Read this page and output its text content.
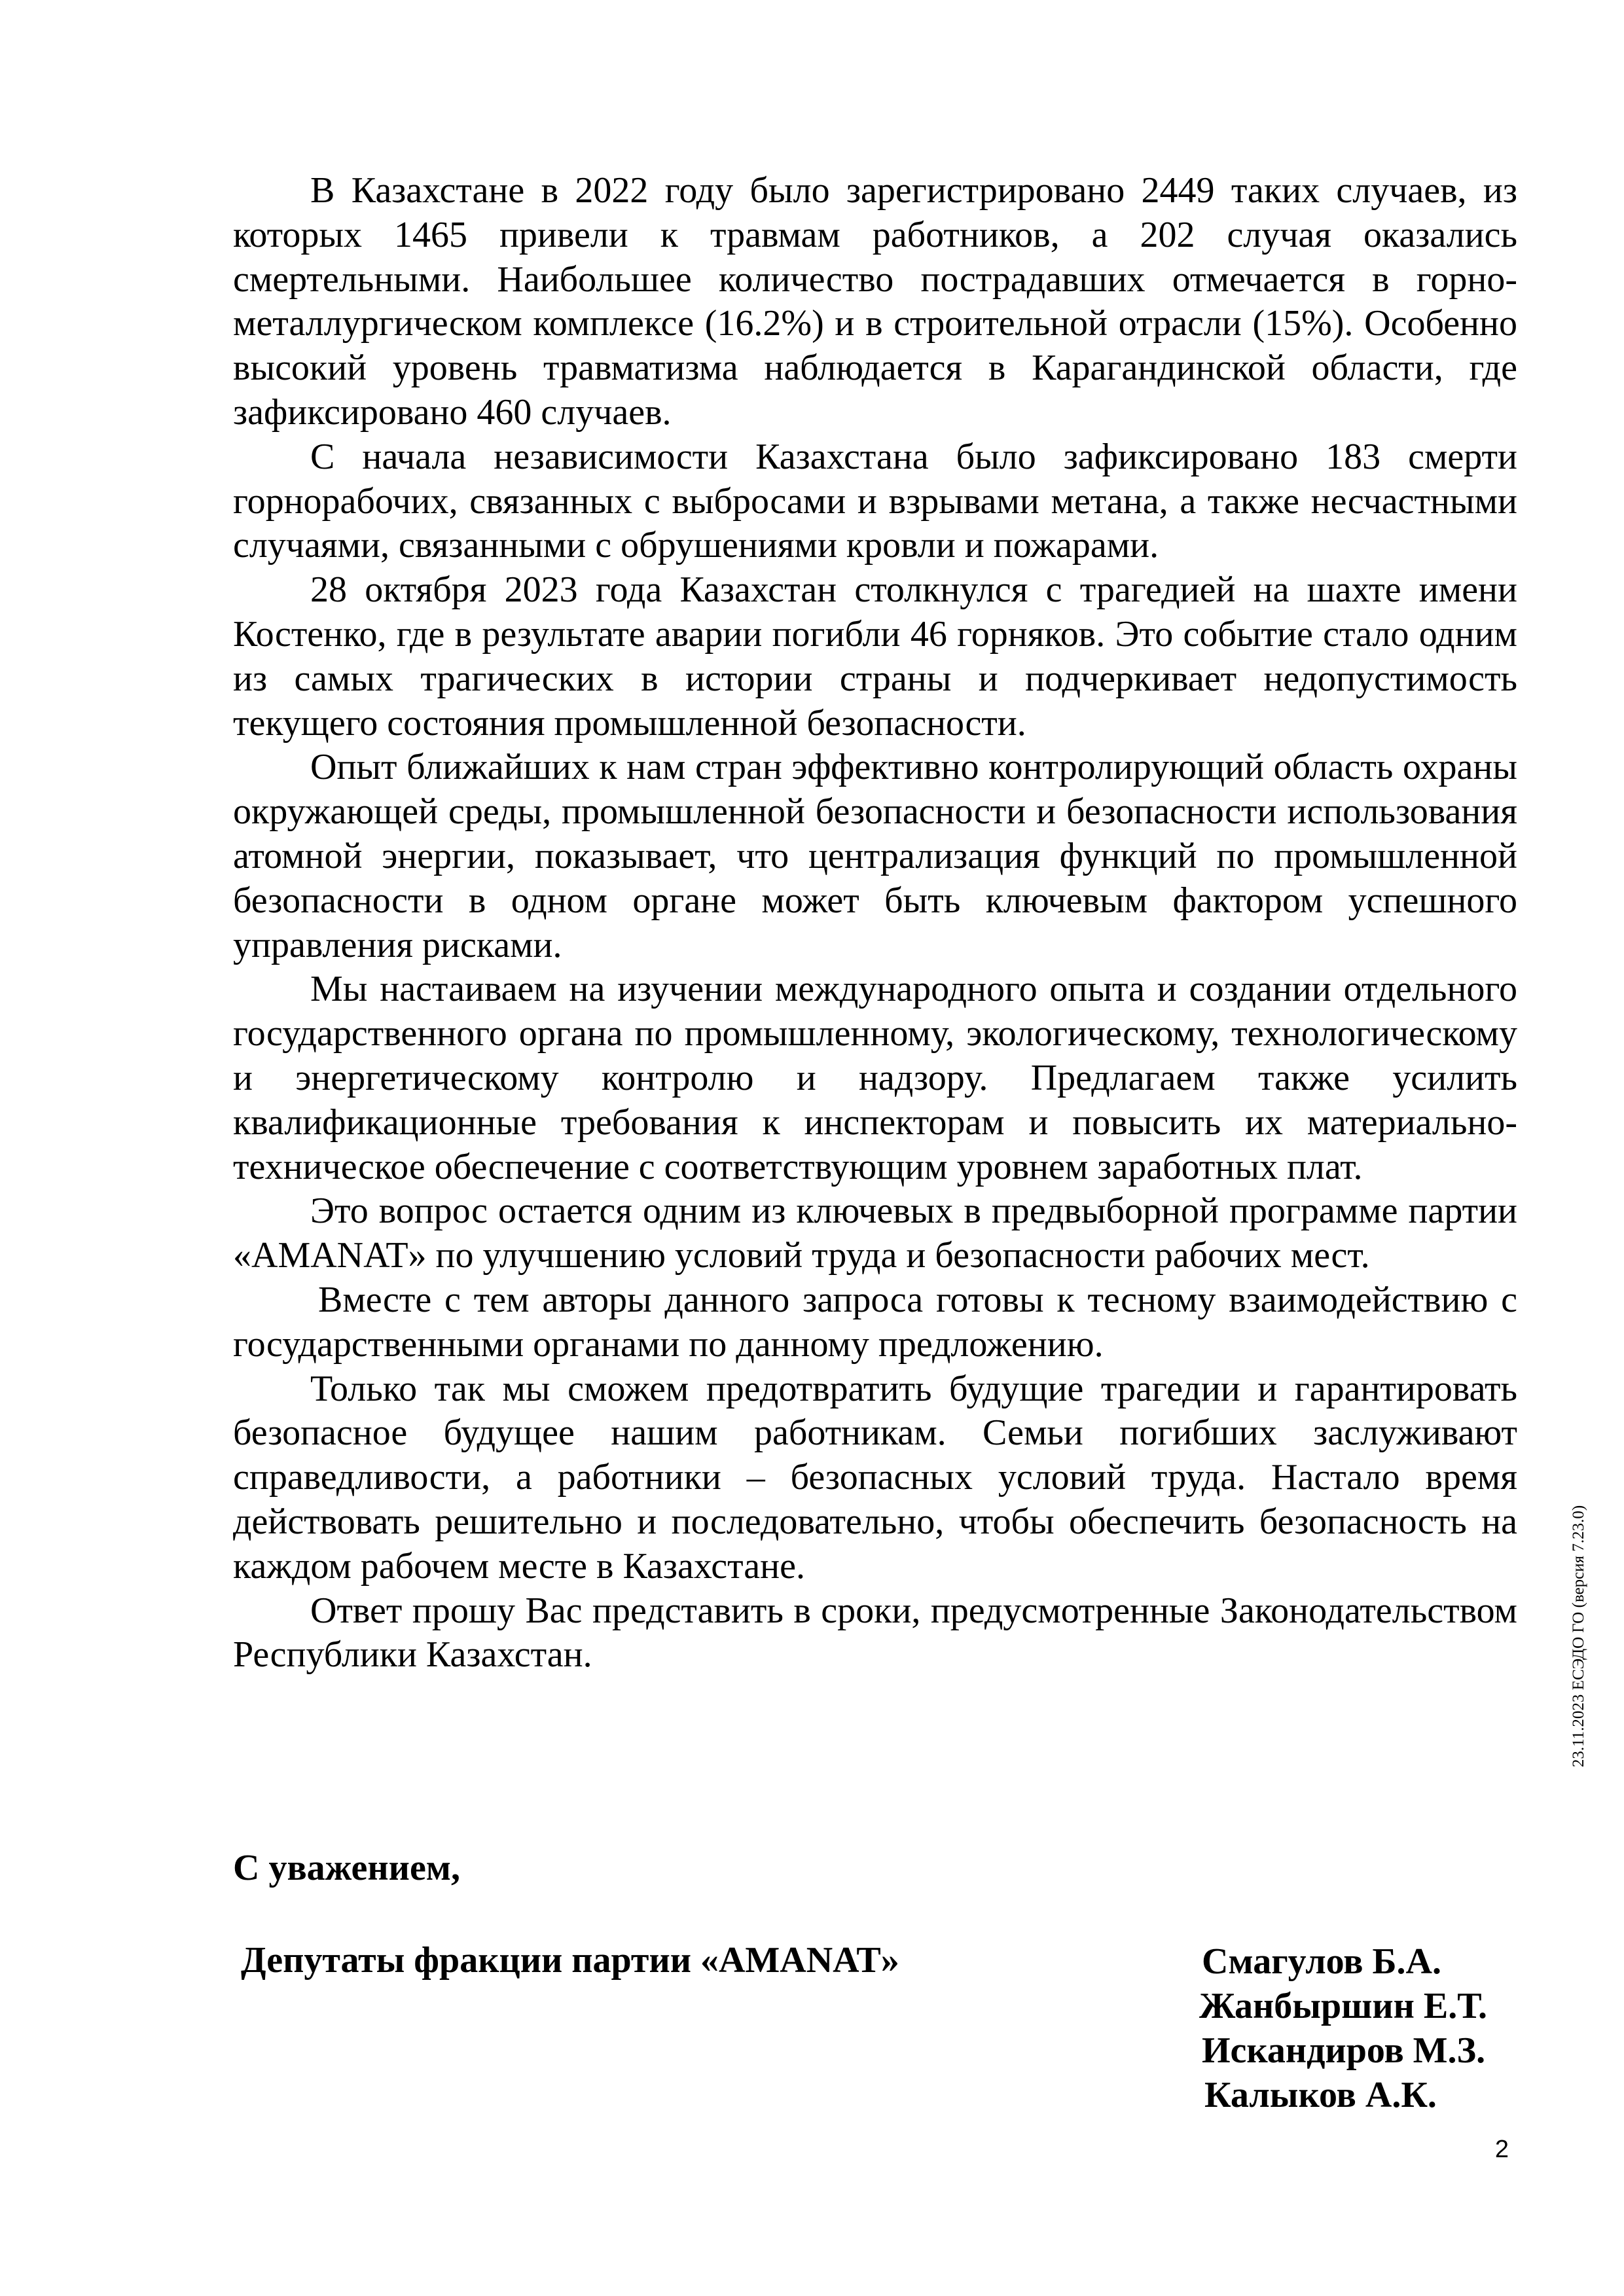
В Казахстане в 2022 году было зарегистрировано 2449 таких случаев, из которых 1465 привели к травмам работников, а 202 случая оказались смертельными. Наибольшее количество пострадавших отмечается в горно-металлургическом комплексе (16.2%) и в строительной отрасли (15%). Особенно высокий уровень травматизма наблюдается в Карагандинской области, где зафиксировано 460 случаев.

С начала независимости Казахстана было зафиксировано 183 смерти горнорабочих, связанных с выбросами и взрывами метана, а также несчастными случаями, связанными с обрушениями кровли и пожарами.

28 октября 2023 года Казахстан столкнулся с трагедией на шахте имени Костенко, где в результате аварии погибли 46 горняков. Это событие стало одним из самых трагических в истории страны и подчеркивает недопустимость текущего состояния промышленной безопасности.

Опыт ближайших к нам стран эффективно контролирующий область охраны окружающей среды, промышленной безопасности и безопасности использования атомной энергии, показывает, что централизация функций по промышленной безопасности в одном органе может быть ключевым фактором успешного управления рисками.

Мы настаиваем на изучении международного опыта и создании отдельного государственного органа по промышленному, экологическому, технологическому и энергетическому контролю и надзору. Предлагаем также усилить квалификационные требования к инспекторам и повысить их материально-техническое обеспечение с соответствующим уровнем заработных плат.

Это вопрос остается одним из ключевых в предвыборной программе партии «AMANAT» по улучшению условий труда и безопасности рабочих мест.

Вместе с тем авторы данного запроса готовы к тесному взаимодействию с государственными органами по данному предложению.

Только так мы сможем предотвратить будущие трагедии и гарантировать безопасное будущее нашим работникам. Семьи погибших заслуживают справедливости, а работники – безопасных условий труда. Настало время действовать решительно и последовательно, чтобы обеспечить безопасность на каждом рабочем месте в Казахстане.

Ответ прошу Вас представить в сроки, предусмотренные Законодательством Республики Казахстан.

С уважением,

Депутаты фракции партии «AMANAT»	Смагулов Б.А.
Жанбыршин Е.Т.
Искандиров М.З.
Калыков А.К.
23.11.2023 ЕСЭДО ГО (версия 7.23.0)
2
